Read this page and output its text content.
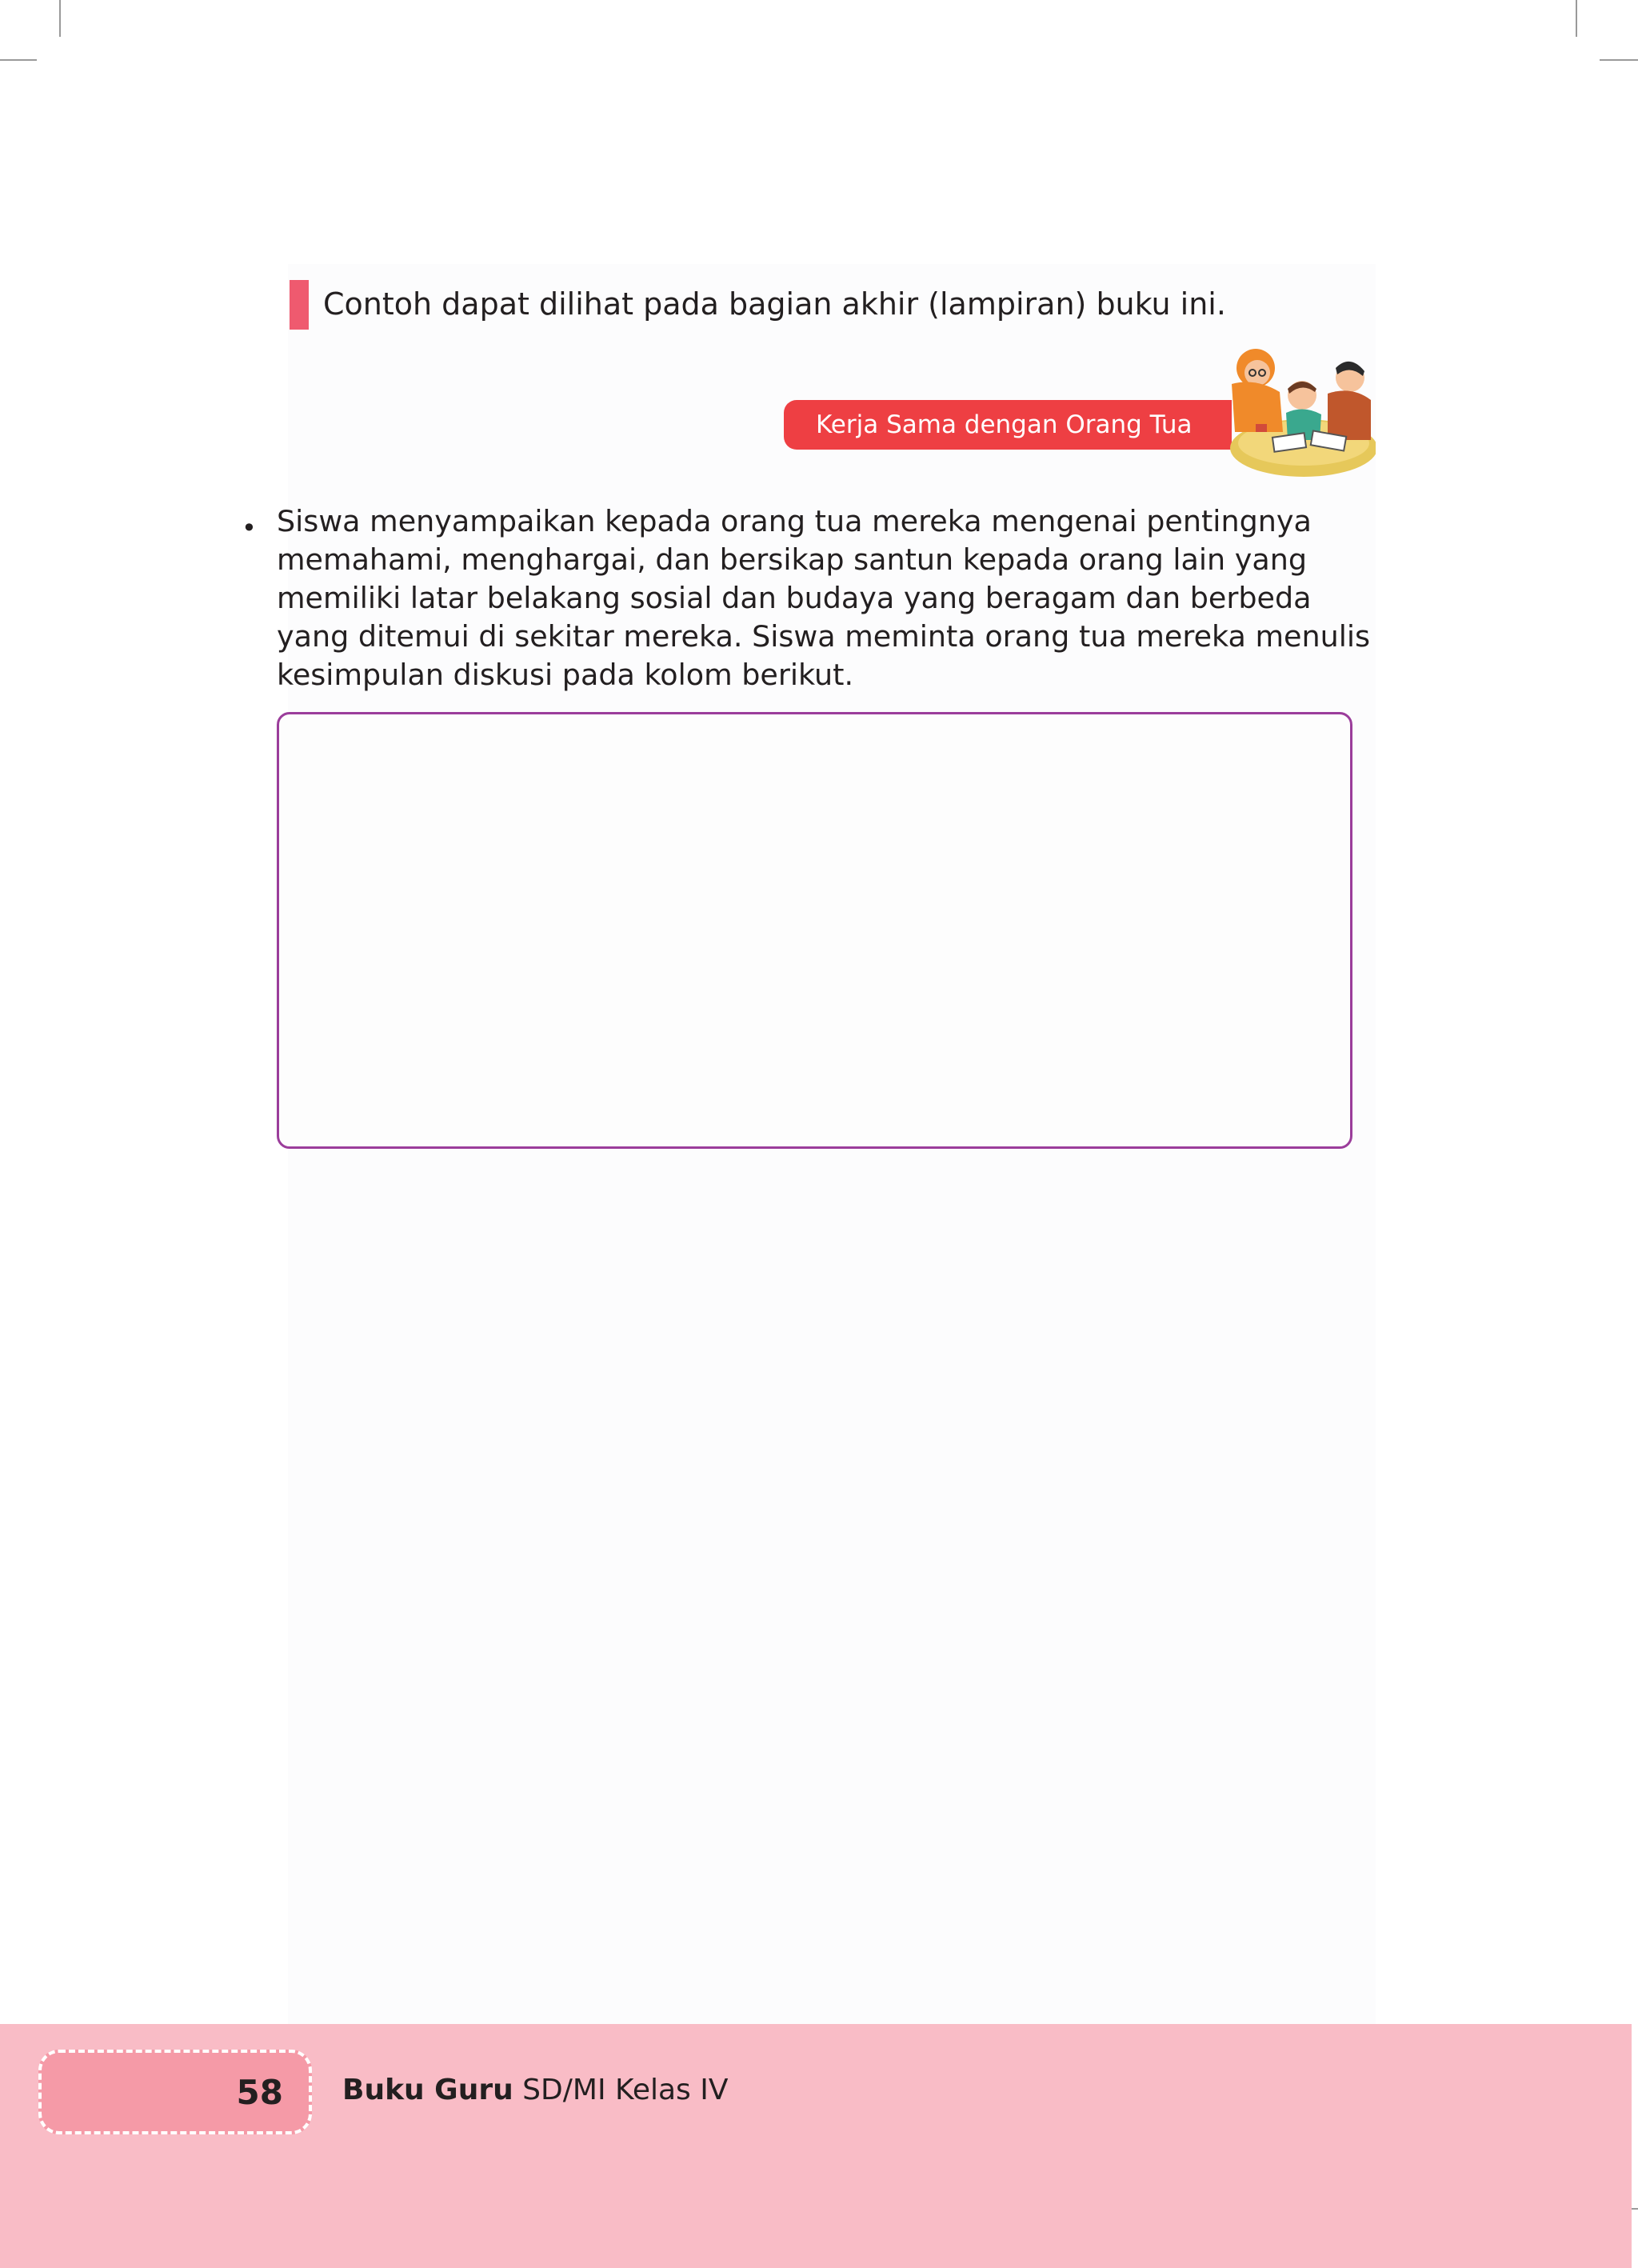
Contoh dapat dilihat pada bagian akhir (lampiran) buku ini.
Kerja Sama dengan Orang Tua
• Siswa menyampaikan kepada orang tua mereka mengenai pentingnya
memahami, menghargai, dan bersikap santun kepada orang lain yang
memiliki latar belakang sosial dan budaya yang beragam dan berbeda
yang ditemui di sekitar mereka. Siswa meminta orang tua mereka menulis
kesimpulan diskusi pada kolom berikut.
58 Buku Guru SD/MI Kelas IV
